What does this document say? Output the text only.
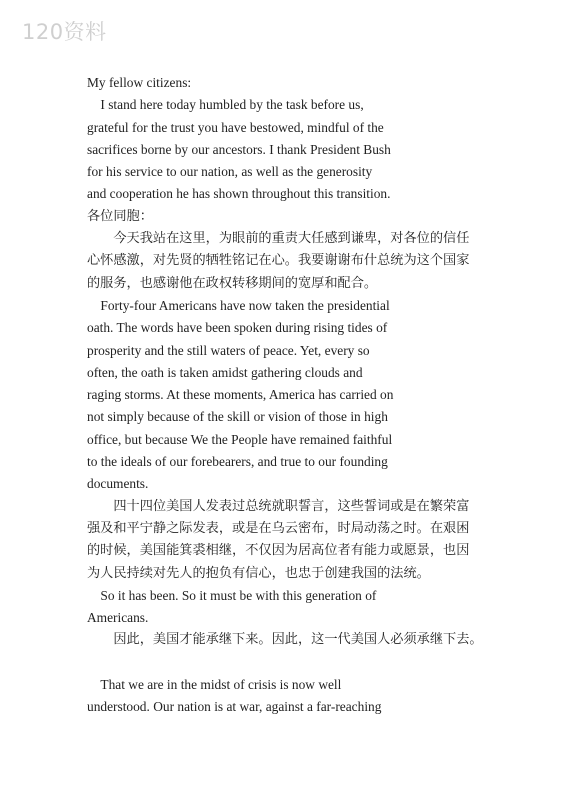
120资料

My fellow citizens:

I stand here today humbled by the task before us,
grateful for the trust you have bestowed, mindful of the
sacrifices borne by our ancestors. I thank President Bush
for his service to our nation, as well as the generosity
and cooperation he has shown throughout this transition.

各位同胞：

　　今天我站在这里，为眼前的重责大任感到谦卑，对各位的信任
心怀感激，对先贤的牺牲铭记在心。我要谢谢布什总统为这个国家
的服务，也感谢他在政权转移期间的宽厚和配合。

Forty-four Americans have now taken the presidential
oath. The words have been spoken during rising tides of
prosperity and the still waters of peace. Yet, every so
often, the oath is taken amidst gathering clouds and
raging storms. At these moments, America has carried on
not simply because of the skill or vision of those in high
office, but because We the People have remained faithful
to the ideals of our forebearers, and true to our founding
documents.

　　四十四位美国人发表过总统就职誓言，这些誓词或是在繁荣富
强及和平宁静之际发表，或是在乌云密布，时局动荡之时。在艰困
的时候，美国能箕裘相继，不仅因为居高位者有能力或愿景，也因
为人民持续对先人的抱负有信心，也忠于创建我国的法统。

So it has been. So it must be with this generation of
Americans.

　　因此，美国才能承继下来。因此，这一代美国人必须承继下去。

That we are in the midst of crisis is now well
understood. Our nation is at war, against a far-reaching
